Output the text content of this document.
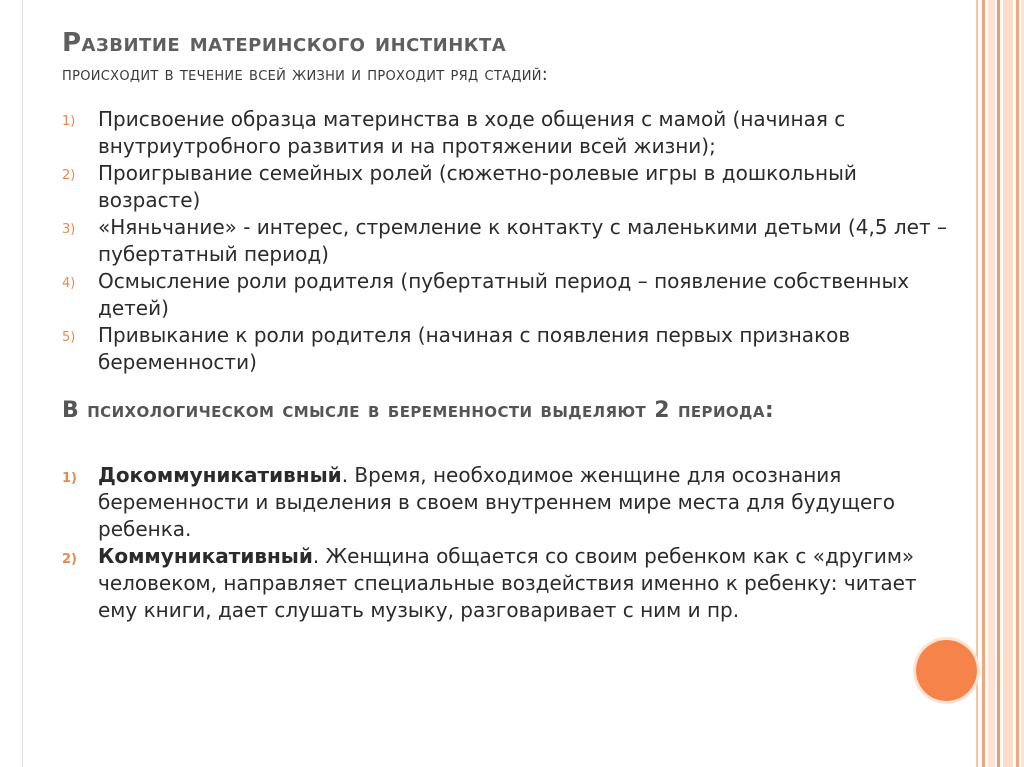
Развитие материнского инстинкта
происходит в течение всей жизни и проходит ряд стадий:
1) Присвоение образца материнства в ходе общения с мамой (начиная с внутриутробного развития и на протяжении всей жизни);
2) Проигрывание семейных ролей (сюжетно-ролевые игры в дошкольный возрасте)
3) «Няньчание» - интерес, стремление к контакту с маленькими детьми (4,5 лет – пубертатный период)
4) Осмысление роли родителя (пубертатный период – появление собственных детей)
5) Привыкание к роли родителя (начиная с появления первых признаков беременности)
В психологическом смысле в беременности выделяют 2 периода:
1) Докоммуникативный. Время, необходимое женщине для осознания беременности и выделения в своем внутреннем мире места для будущего ребенка.
2) Коммуникативный. Женщина общается со своим ребенком как с «другим» человеком, направляет специальные воздействия именно к ребенку: читает ему книги, дает слушать музыку, разговаривает с ним и пр.
